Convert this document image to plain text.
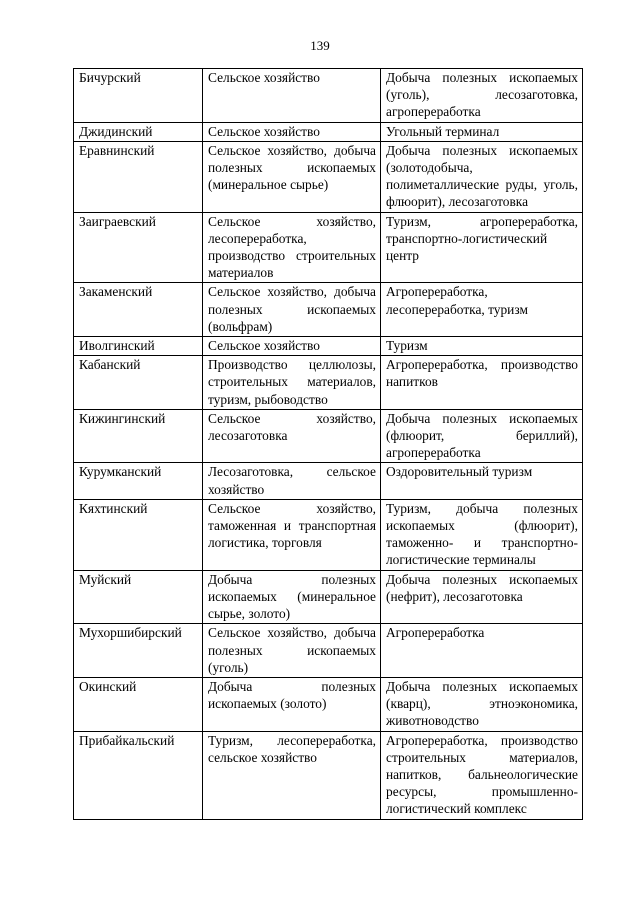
139
Бичурский	Сельское хозяйство	Добыча полезных ископаемых (уголь), лесозаготовка, агропереработка
Джидинский	Сельское хозяйство	Угольный терминал
Еравнинский	Сельское хозяйство, добыча полезных ископаемых (минеральное сырье)	Добыча полезных ископаемых (золотодобыча, полиметаллические руды, уголь, флюорит), лесозаготовка
Заиграевский	Сельское хозяйство, лесопереработка, производство строительных материалов	Туризм, агропереработка, транспортно-логистический центр
Закаменский	Сельское хозяйство, добыча полезных ископаемых (вольфрам)	Агропереработка, лесопереработка, туризм
Иволгинский	Сельское хозяйство	Туризм
Кабанский	Производство целлюлозы, строительных материалов, туризм, рыбоводство	Агропереработка, производство напитков
Кижингинский	Сельское хозяйство, лесозаготовка	Добыча полезных ископаемых (флюорит, бериллий), агропереработка
Курумканский	Лесозаготовка, сельское хозяйство	Оздоровительный туризм
Кяхтинский	Сельское хозяйство, таможенная и транспортная логистика, торговля	Туризм, добыча полезных ископаемых (флюорит), таможенно- и транспортно-логистические терминалы
Муйский	Добыча полезных ископаемых (минеральное сырье, золото)	Добыча полезных ископаемых (нефрит), лесозаготовка
Мухоршибирский	Сельское хозяйство, добыча полезных ископаемых (уголь)	Агропереработка
Окинский	Добыча полезных ископаемых (золото)	Добыча полезных ископаемых (кварц), этноэкономика, животноводство
Прибайкальский	Туризм, лесопереработка, сельское хозяйство	Агропереработка, производство строительных материалов, напитков, бальнеологические ресурсы, промышленно-логистический комплекс
